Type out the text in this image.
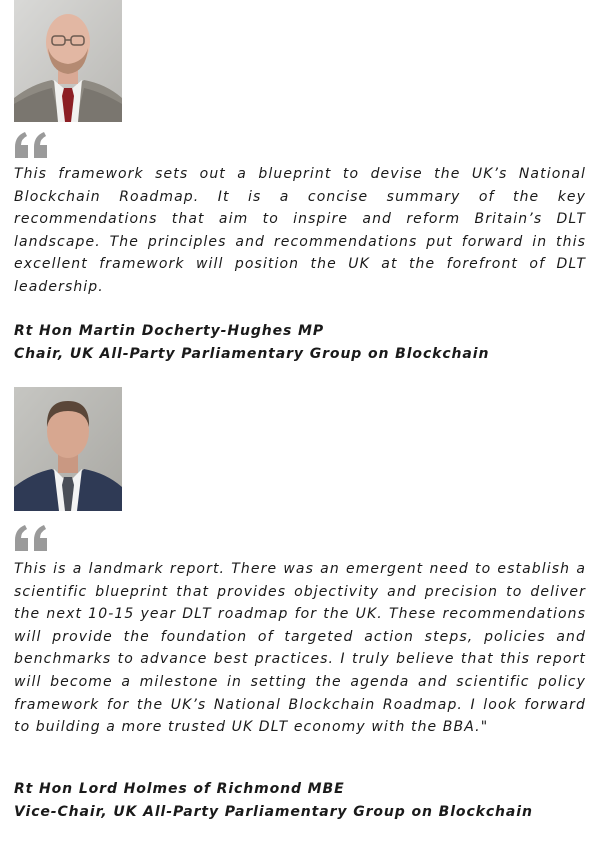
This framework sets out a blueprint to devise the UK’s National Blockchain Roadmap. It is a concise summary of the key recommendations that aim to inspire and reform Britain’s DLT landscape. The principles and recommendations put forward in this excellent framework will position the UK at the forefront of DLT leadership.

Rt Hon Martin Docherty-Hughes MP
Chair, UK All-Party Parliamentary Group on Blockchain

This is a landmark report. There was an emergent need to establish a scientific blueprint that provides objectivity and precision to deliver the next 10-15 year DLT roadmap for the UK. These recommendations will provide the foundation of targeted action steps, policies and benchmarks to advance best practices. I truly believe that this report will become a milestone in setting the agenda and scientific policy framework for the UK’s National Blockchain Roadmap. I look forward to building a more trusted UK DLT economy with the BBA."

Rt Hon Lord Holmes of Richmond MBE
Vice-Chair, UK All-Party Parliamentary Group on Blockchain
